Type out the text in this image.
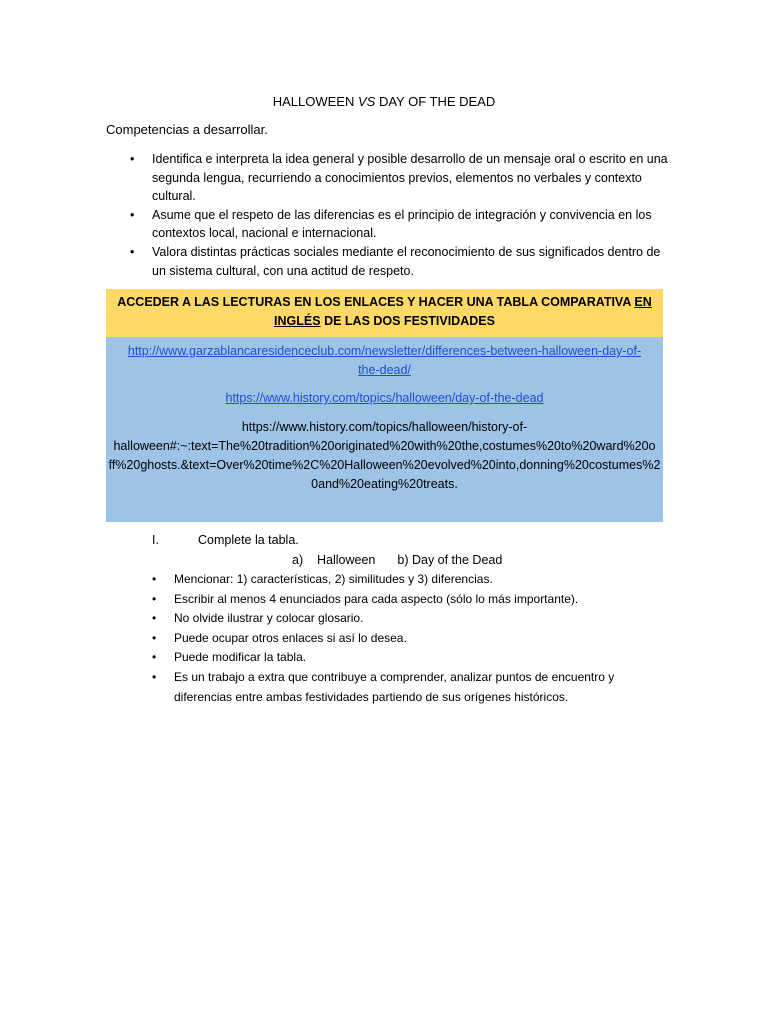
HALLOWEEN VS DAY OF THE DEAD
Competencias a desarrollar.
• Identifica e interpreta la idea general y posible desarrollo de un mensaje oral o escrito en una segunda lengua, recurriendo a conocimientos previos, elementos no verbales y contexto cultural.
• Asume que el respeto de las diferencias es el principio de integración y convivencia en los contextos local, nacional e internacional.
• Valora distintas prácticas sociales mediante el reconocimiento de sus significados dentro de un sistema cultural, con una actitud de respeto.
ACCEDER A LAS LECTURAS EN LOS ENLACES Y HACER UNA TABLA COMPARATIVA EN INGLÉS DE LAS DOS FESTIVIDADES
http://www.garzablancaresidenceclub.com/newsletter/differences-between-halloween-day-of-
the-dead/
https://www.history.com/topics/halloween/day-of-the-dead
https://www.history.com/topics/halloween/history-of-
halloween#:~:text=The%20tradition%20originated%20with%20the,costumes%20to%20ward%20o
ff%20ghosts.&text=Over%20time%2C%20Halloween%20evolved%20into,donning%20costumes%2
0and%20eating%20treats.
I.	Complete la tabla.
a)    Halloween b) Day of the Dead
• Mencionar: 1) características, 2) similitudes y 3) diferencias.
• Escribir al menos 4 enunciados para cada aspecto (sólo lo más importante).
• No olvide ilustrar y colocar glosario.
• Puede ocupar otros enlaces si así lo desea.
• Puede modificar la tabla.
• Es un trabajo a extra que contribuye a comprender, analizar puntos de encuentro y diferencias entre ambas festividades partiendo de sus orígenes históricos.
